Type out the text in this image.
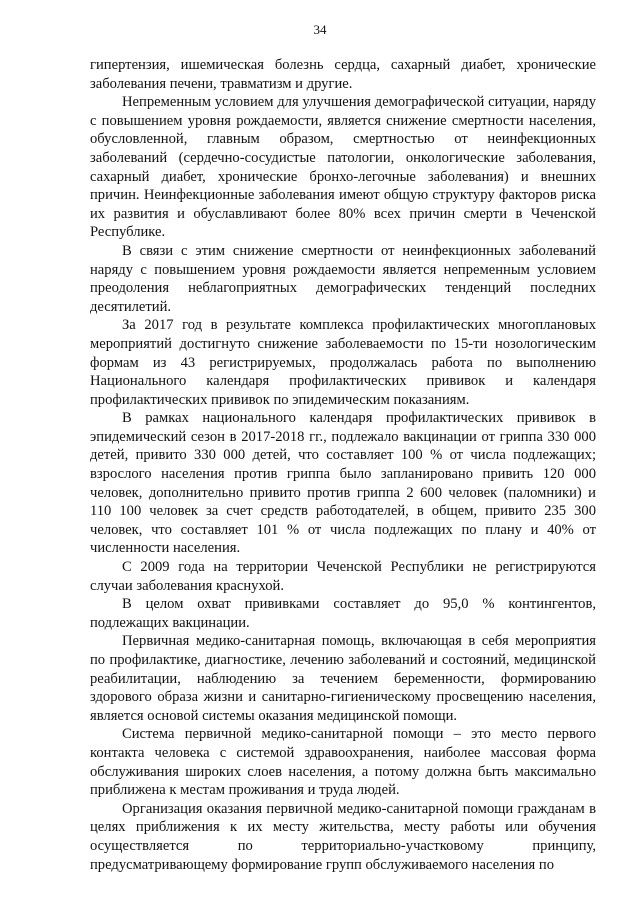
34

гипертензия, ишемическая болезнь сердца, сахарный диабет, хронические заболевания печени, травматизм и другие.

Непременным условием для улучшения демографической ситуации, наряду с повышением уровня рождаемости, является снижение смертности населения, обусловленной, главным образом, смертностью от неинфекционных заболеваний (сердечно-сосудистые патологии, онкологические заболевания, сахарный диабет, хронические бронхо-легочные заболевания) и внешних причин. Неинфекционные заболевания имеют общую структуру факторов риска их развития и обуславливают более 80% всех причин смерти в Чеченской Республике.

В связи с этим снижение смертности от неинфекционных заболеваний наряду с повышением уровня рождаемости является непременным условием преодоления неблагоприятных демографических тенденций последних десятилетий.

За 2017 год в результате комплекса профилактических многоплановых мероприятий достигнуто снижение заболеваемости по 15-ти нозологическим формам из 43 регистрируемых, продолжалась работа по выполнению Национального календаря профилактических прививок и календаря профилактических прививок по эпидемическим показаниям.

В рамках национального календаря профилактических прививок в эпидемический сезон в 2017-2018 гг., подлежало вакцинации от гриппа 330 000 детей, привито 330 000 детей, что составляет 100 % от числа подлежащих; взрослого населения против гриппа было запланировано привить 120 000 человек, дополнительно привито против гриппа 2 600 человек (паломники) и 110 100 человек за счет средств работодателей, в общем, привито 235 300 человек, что составляет 101 % от числа подлежащих по плану и 40% от численности населения.

С 2009 года на территории Чеченской Республики не регистрируются случаи заболевания краснухой.

В целом охват прививками составляет до 95,0 % контингентов, подлежащих вакцинации.

Первичная медико-санитарная помощь, включающая в себя мероприятия по профилактике, диагностике, лечению заболеваний и состояний, медицинской реабилитации, наблюдению за течением беременности, формированию здорового образа жизни и санитарно-гигиеническому просвещению населения, является основой системы оказания медицинской помощи.

Система первичной медико-санитарной помощи – это место первого контакта человека с системой здравоохранения, наиболее массовая форма обслуживания широких слоев населения, а потому должна быть максимально приближена к местам проживания и труда людей.

Организация оказания первичной медико-санитарной помощи гражданам в целях приближения к их месту жительства, месту работы или обучения осуществляется по территориально-участковому принципу, предусматривающему формирование групп обслуживаемого населения по
